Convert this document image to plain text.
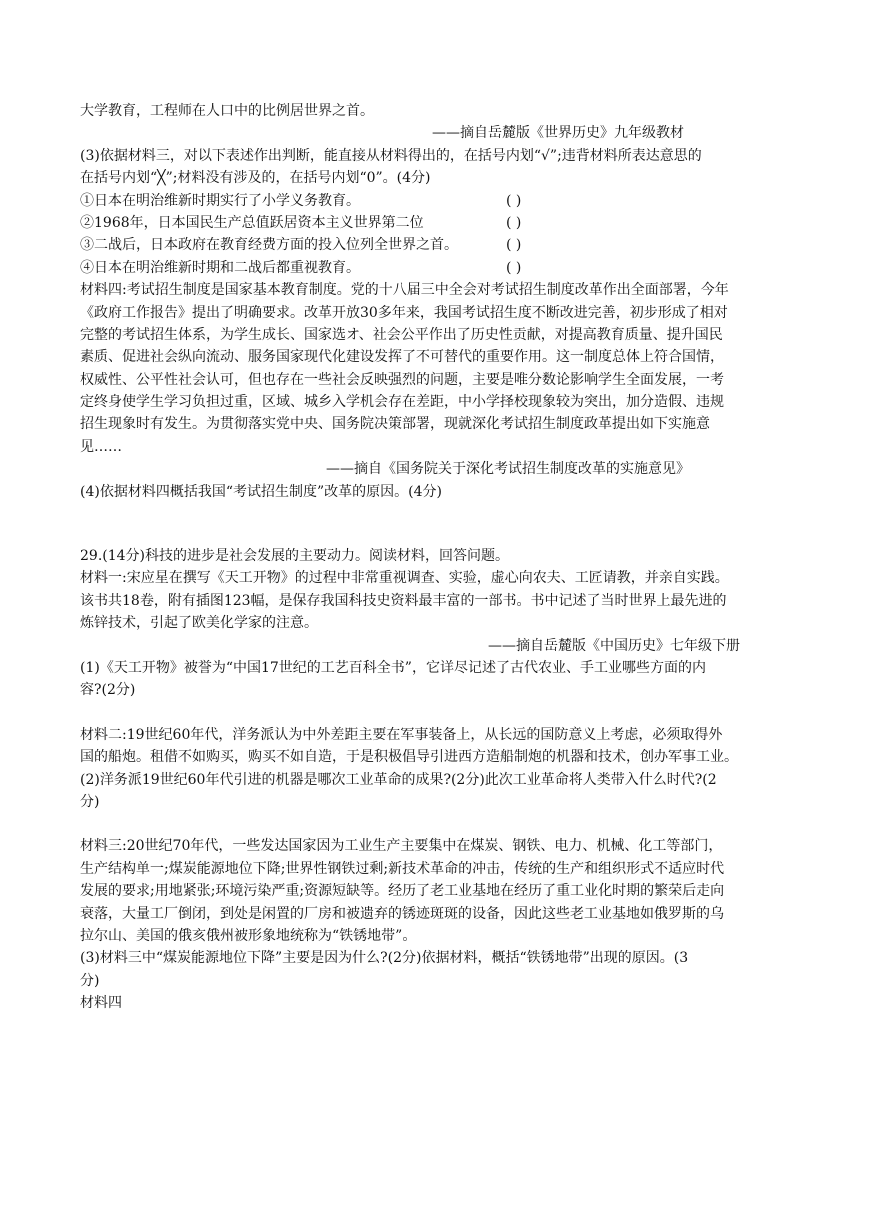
大学教育，工程师在人口中的比例居世界之首。
——摘自岳麓版《世界历史》九年级教材
(3)依据材料三，对以下表述作出判断，能直接从材料得出的，在括号内划“√”;违背材料所表达意思的
在括号内划“╳”;材料没有涉及的，在括号内划“0”。(4分)
①日本在明治维新时期实行了小学义务教育。	( )
②1968年，日本国民生产总值跃居资本主义世界第二位	( )
③二战后，日本政府在教育经费方面的投入位列全世界之首。	( )
④日本在明治维新时期和二战后都重视教育。	( )
材料四:考试招生制度是国家基本教育制度。党的十八届三中全会对考试招生制度改革作出全面部署，今年
《政府工作报告》提出了明确要求。改革开放30多年来，我国考试招生度不断改进完善，初步形成了相对
完整的考试招生体系，为学生成长、国家选オ、社会公平作出了历史性贡献，对提高教育质量、提升国民
素质、促进社会纵向流动、服务国家现代化建设发挥了不可替代的重要作用。这一制度总体上符合国情，
权威性、公平性社会认可，但也存在一些社会反映强烈的问题，主要是唯分数论影响学生全面发展，一考
定终身使学生学习负担过重，区域、城乡入学机会存在差距，中小学择校现象较为突出，加分造假、违规
招生现象时有发生。为贯彻落实党中央、国务院决策部署，现就深化考试招生制度政革提出如下实施意
见……
——摘自《国务院关于深化考试招生制度改革的实施意见》
(4)依据材料四概括我国“考试招生制度”改革的原因。(4分)
29.(14分)科技的进步是社会发展的主要动力。阅读材料，回答问题。
材料一:宋应星在撰写《天工开物》的过程中非常重视调查、实验，虚心向农夫、工匠请教，并亲自实践。
该书共18卷，附有插图123幅，是保存我国科技史资料最丰富的一部书。书中记述了当时世界上最先进的
炼锌技术，引起了欧美化学家的注意。
——摘自岳麓版《中国历史》七年级下册
(1)《天工开物》被誉为“中国17世纪的工艺百科全书”，它详尽记述了古代农业、手工业哪些方面的内
容?(2分)
材料二:19世纪60年代，洋务派认为中外差距主要在军事装备上，从长远的国防意义上考虑，必须取得外
国的船炮。租借不如购买，购买不如自造，于是积极倡导引进西方造船制炮的机器和技术，创办军事工业。
(2)洋务派19世纪60年代引进的机器是哪次工业革命的成果?(2分)此次工业革命将人类带入什么时代?(2
分)
材料三:20世纪70年代，一些发达国家因为工业生产主要集中在煤炭、钢铁、电力、机械、化工等部门，
生产结构单一;煤炭能源地位下降;世界性钢铁过剩;新技术革命的冲击，传统的生产和组织形式不适应时代
发展的要求;用地紧张;环境污染严重;资源短缺等。经历了老工业基地在经历了重工业化时期的繁荣后走向
衰落，大量工厂倒闭，到处是闲置的厂房和被遗弃的锈迹斑斑的设备，因此这些老工业基地如俄罗斯的乌
拉尔山、美国的俄亥俄州被形象地统称为“铁锈地带”。
(3)材料三中“煤炭能源地位下降”主要是因为什么?(2分)依据材料，概括“铁锈地带”出现的原因。(3
分)
材料四
